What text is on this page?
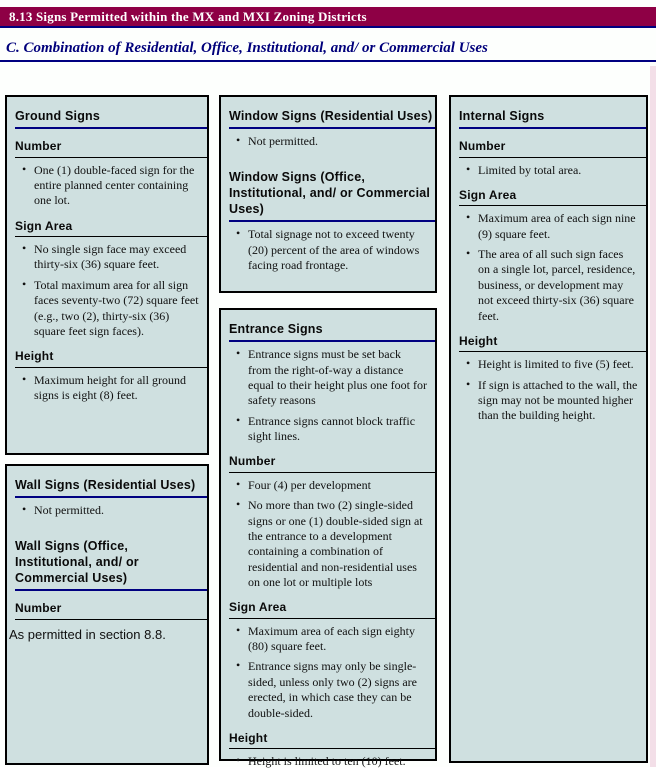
8.13 Signs Permitted within the MX and MXI Zoning Districts
C. Combination of Residential, Office, Institutional, and/ or Commercial Uses
Ground Signs
Number
• One (1) double-faced sign for the entire planned center containing one lot.
Sign Area
• No single sign face may exceed thirty-six (36) square feet.
• Total maximum area for all sign faces seventy-two (72) square feet (e.g., two (2), thirty-six (36) square feet sign faces).
Height
• Maximum height for all ground signs is eight (8) feet.
Wall Signs (Residential Uses)
• Not permitted.
Wall Signs (Office, Institutional, and/ or Commercial Uses)
Number
As permitted in section 8.8.
Window Signs (Residential Uses)
• Not permitted.
Window Signs (Office, Institutional, and/ or Commercial Uses)
• Total signage not to exceed twenty (20) percent of the area of windows facing road frontage.
Entrance Signs
• Entrance signs must be set back from the right-of-way a distance equal to their height plus one foot for safety reasons
• Entrance signs cannot block traffic sight lines.
Number
• Four (4) per development
• No more than two (2) single-sided signs or one (1) double-sided sign at the entrance to a development containing a combination of residential and non-residential uses on one lot or multiple lots
Sign Area
• Maximum area of each sign eighty (80) square feet.
• Entrance signs may only be single-sided, unless only two (2) signs are erected, in which case they can be double-sided.
Height
• Height is limited to ten (10) feet.
Internal Signs
Number
• Limited by total area.
Sign Area
• Maximum area of each sign nine (9) square feet.
• The area of all such sign faces on a single lot, parcel, residence, business, or development may not exceed thirty-six (36) square feet.
Height
• Height is limited to five (5) feet.
• If sign is attached to the wall, the sign may not be mounted higher than the building height.
